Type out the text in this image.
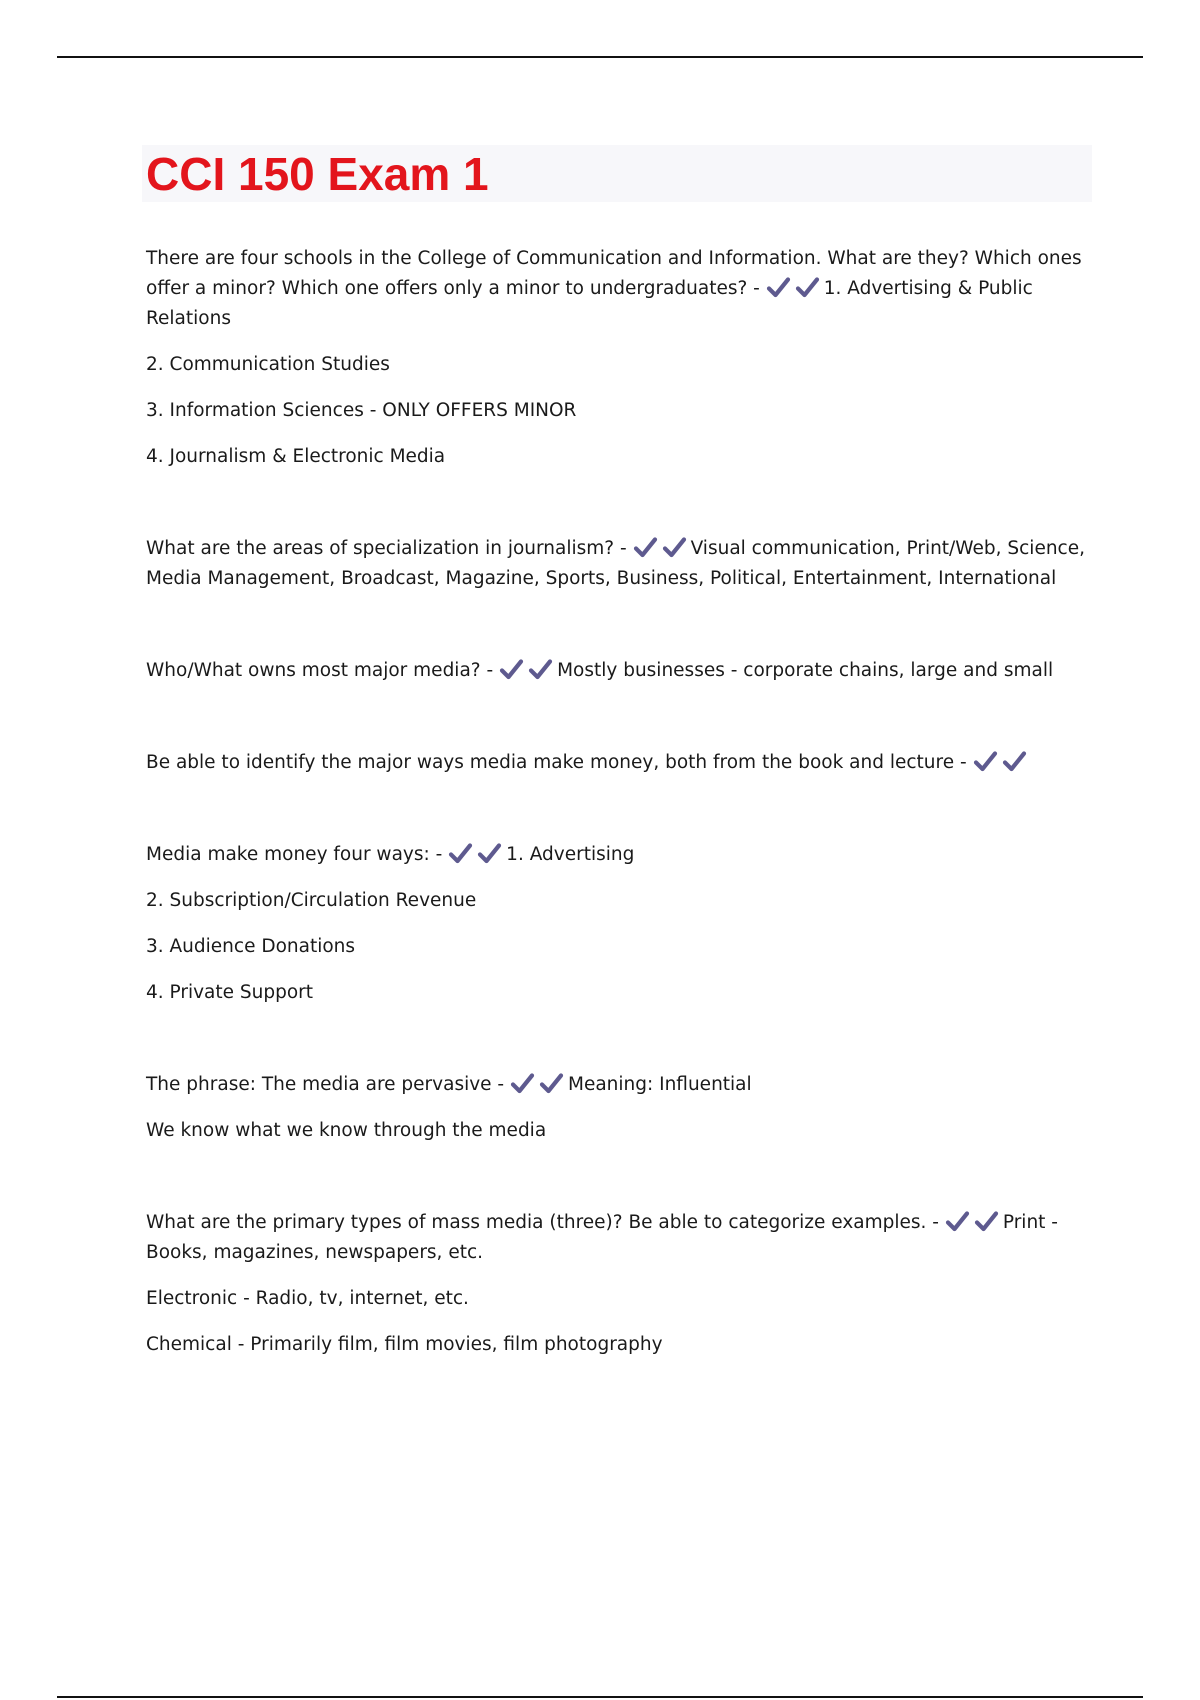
CCI 150 Exam 1

There are four schools in the College of Communication and Information. What are they? Which ones offer a minor? Which one offers only a minor to undergraduates? -	1. Advertising & Public Relations

2. Communication Studies

3. Information Sciences - ONLY OFFERS MINOR

4. Journalism & Electronic Media

What are the areas of specialization in journalism? -	Visual communication, Print/Web, Science, Media Management, Broadcast, Magazine, Sports, Business, Political, Entertainment, International

Who/What owns most major media? -	Mostly businesses - corporate chains, large and small

Be able to identify the major ways media make money, both from the book and lecture -

Media make money four ways: -	1. Advertising

2. Subscription/Circulation Revenue

3. Audience Donations

4. Private Support

The phrase: The media are pervasive -	Meaning: Influential

We know what we know through the media

What are the primary types of mass media (three)? Be able to categorize examples. -	Print - Books, magazines, newspapers, etc.

Electronic - Radio, tv, internet, etc.

Chemical - Primarily film, film movies, film photography
